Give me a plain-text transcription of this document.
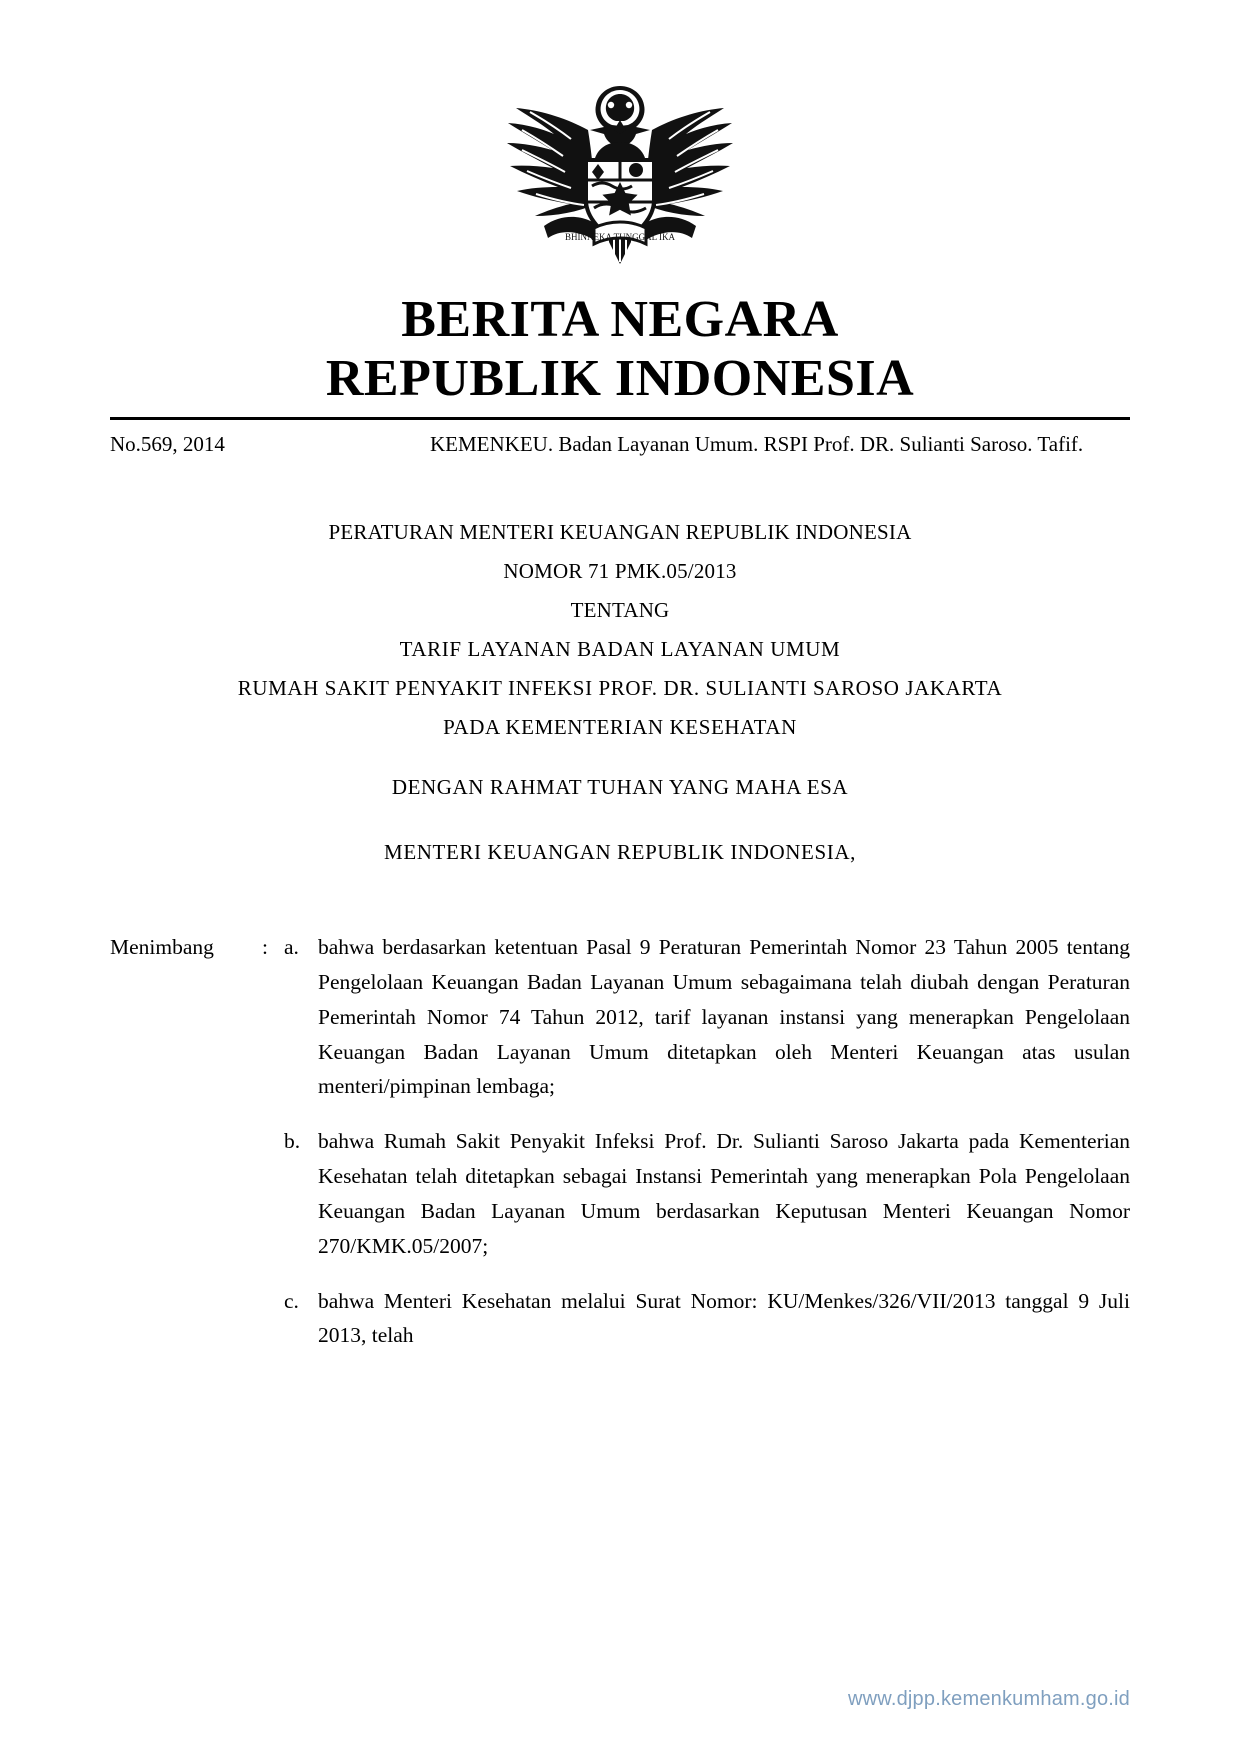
BHINNEKA TUNGGAL IKA
BERITA NEGARA
REPUBLIK INDONESIA
No.569, 2014	KEMENKEU. Badan Layanan Umum. RSPI Prof. DR. Sulianti Saroso. Tafif.
PERATURAN MENTERI KEUANGAN REPUBLIK INDONESIA
NOMOR 71 PMK.05/2013
TENTANG
TARIF LAYANAN BADAN LAYANAN UMUM
RUMAH SAKIT PENYAKIT INFEKSI PROF. DR. SULIANTI SAROSO JAKARTA
PADA KEMENTERIAN KESEHATAN
DENGAN RAHMAT TUHAN YANG MAHA ESA
MENTERI KEUANGAN REPUBLIK INDONESIA,
Menimbang	: a. bahwa berdasarkan ketentuan Pasal 9 Peraturan Pemerintah Nomor 23 Tahun 2005 tentang Pengelolaan Keuangan Badan Layanan Umum sebagaimana telah diubah dengan Peraturan Pemerintah Nomor 74 Tahun 2012, tarif layanan instansi yang menerapkan Pengelolaan Keuangan Badan Layanan Umum ditetapkan oleh Menteri Keuangan atas usulan menteri/pimpinan lembaga;
b. bahwa Rumah Sakit Penyakit Infeksi Prof. Dr. Sulianti Saroso Jakarta pada Kementerian Kesehatan telah ditetapkan sebagai Instansi Pemerintah yang menerapkan Pola Pengelolaan Keuangan Badan Layanan Umum berdasarkan Keputusan Menteri Keuangan Nomor 270/KMK.05/2007;
c. bahwa Menteri Kesehatan melalui Surat Nomor: KU/Menkes/326/VII/2013 tanggal 9 Juli 2013, telah
www.djpp.kemenkumham.go.id
